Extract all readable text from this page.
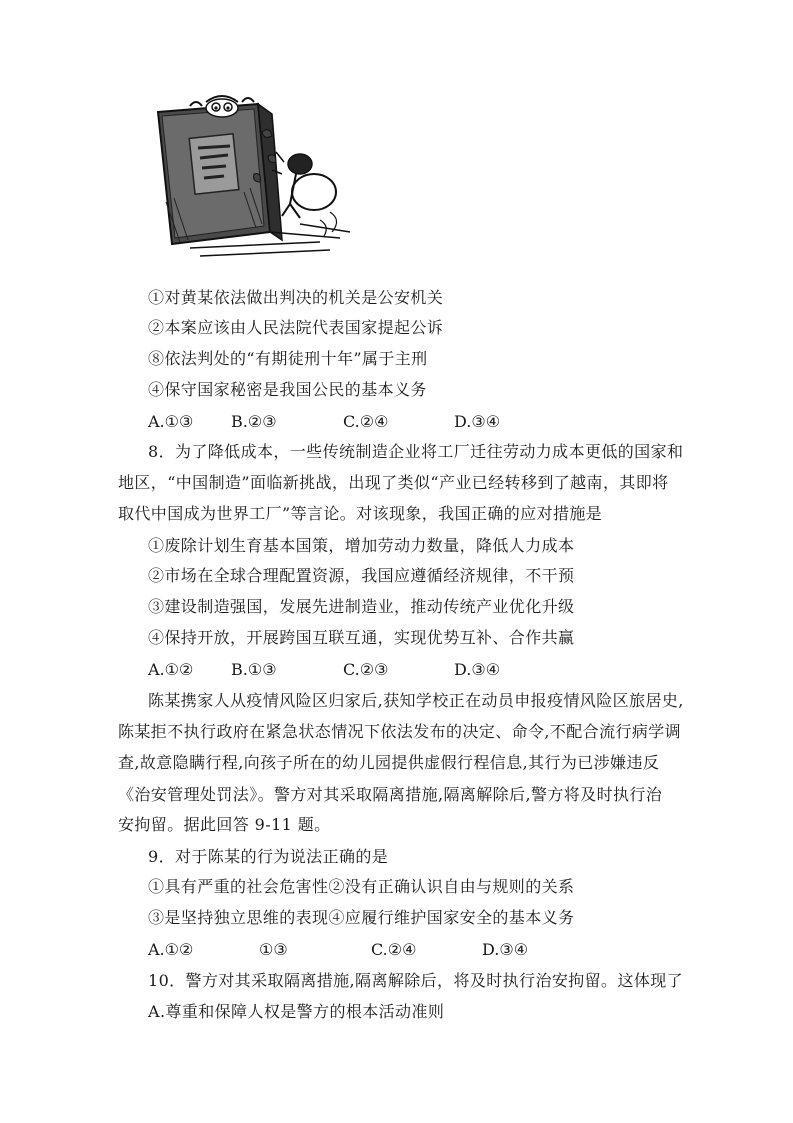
①对黄某依法做出判决的机关是公安机关
②本案应该由人民法院代表国家提起公诉
⑧依法判处的“有期徒刑十年”属于主刑
④保守国家秘密是我国公民的基本义务
A.①③ B.②③	C.②④	D.③④
8．为了降低成本，一些传统制造企业将工厂迁往劳动力成本更低的国家和
地区，“中国制造”面临新挑战，出现了类似“产业已经转移到了越南，其即将
取代中国成为世界工厂”等言论。对该现象，我国正确的应对措施是
①废除计划生育基本国策，增加劳动力数量，降低人力成本
②市场在全球合理配置资源，我国应遵循经济规律，不干预
③建设制造强国，发展先进制造业，推动传统产业优化升级
④保持开放，开展跨国互联互通，实现优势互补、合作共赢
A.①② B.①③	C.②③	D.③④
陈某携家人从疫情风险区归家后,获知学校正在动员申报疫情风险区旅居史,
陈某拒不执行政府在紧急状态情况下依法发布的决定、命令,不配合流行病学调
查,故意隐瞒行程,向孩子所在的幼儿园提供虚假行程信息,其行为已涉嫌违反
《治安管理处罚法》。警方对其采取隔离措施,隔离解除后,警方将及时执行治
安拘留。据此回答 9-11 题。
9．对于陈某的行为说法正确的是
①具有严重的社会危害性②没有正确认识自由与规则的关系
③是坚持独立思维的表现④应履行维护国家安全的基本义务
A.①②	①③	C.②④	D.③④
10．警方对其采取隔离措施,隔离解除后，将及时执行治安拘留。这体现了
A.尊重和保障人权是警方的根本活动准则
